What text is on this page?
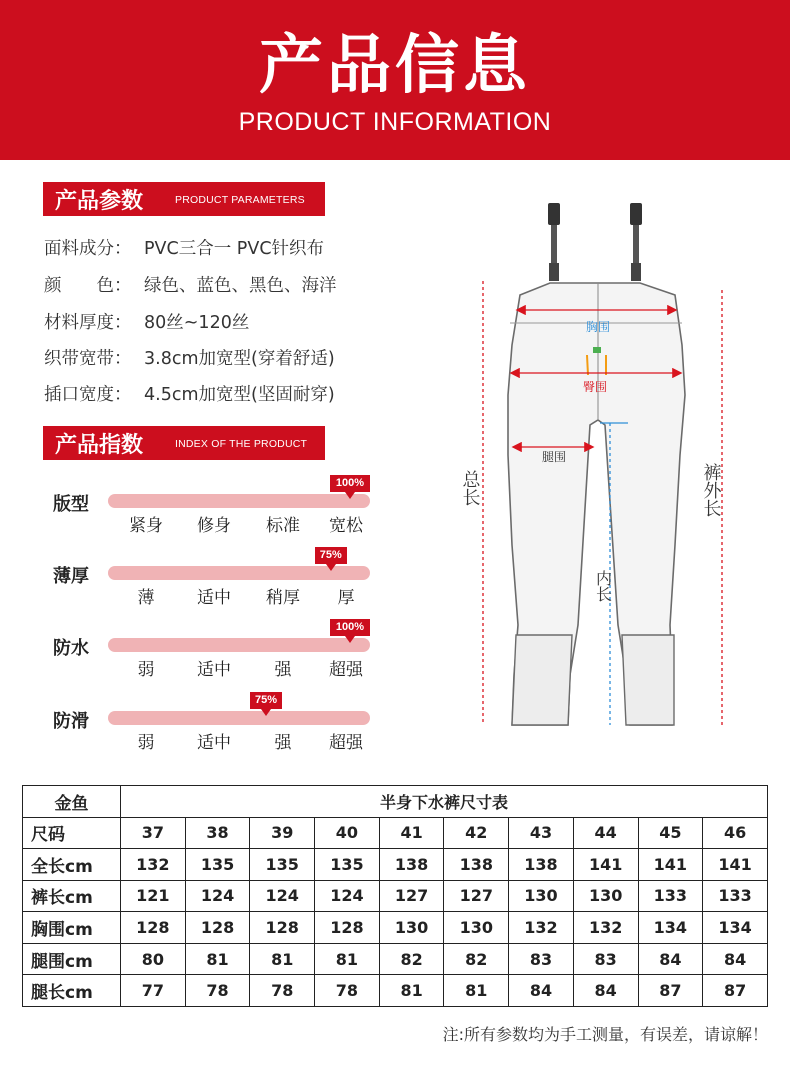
产品信息
PRODUCT INFORMATION
产品参数	PRODUCT PARAMETERS
面料成分： PVC三合一 PVC针织布
颜　　色： 绿色、蓝色、黑色、海洋
材料厚度： 80丝~120丝
织带宽带： 3.8cm加宽型(穿着舒适)
插口宽度： 4.5cm加宽型(坚固耐穿)
产品指数	INDEX OF THE PRODUCT
版型
100%
紧身	修身	标准	宽松
薄厚
75%
薄	适中	稍厚	厚
防水
100%
弱	适中	强	超强
防滑
75%
弱	适中	强	超强
胸围
臀围
腿围
总长	裤外长
内长
金鱼	半身下水裤尺寸表									
尺码	37	38	39	40	41	42	43	44	45	46
全长cm	132	135	135	135	138	138	138	141	141	141
裤长cm	121	124	124	124	127	127	130	130	133	133
胸围cm	128	128	128	128	130	130	132	132	134	134
腿围cm	80	81	81	81	82	82	83	83	84	84
腿长cm	77	78	78	78	81	81	84	84	87	87
注:所有参数均为手工测量，有误差，请谅解！
